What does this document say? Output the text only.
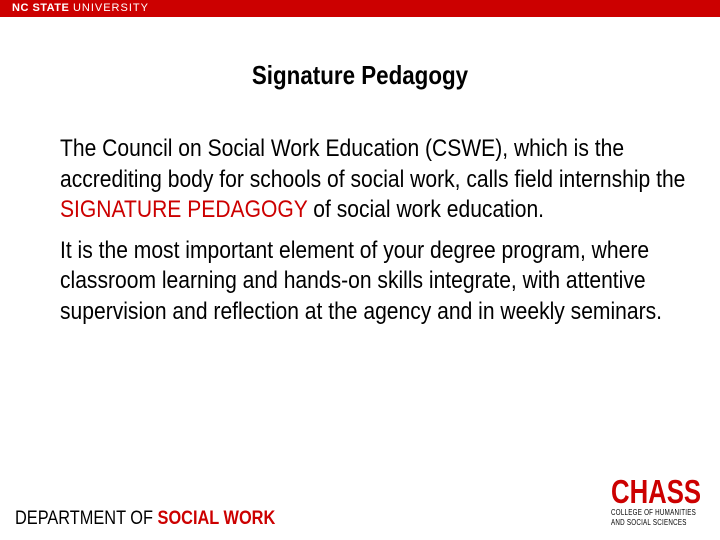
NC STATE UNIVERSITY
Signature Pedagogy

The Council on Social Work Education (CSWE), which is the accrediting body for schools of social work, calls field internship the SIGNATURE PEDAGOGY of social work education.

It is the most important element of your degree program, where classroom learning and hands-on skills integrate, with attentive supervision and reflection at the agency and in weekly seminars.

DEPARTMENT OF SOCIAL WORK
CHASS
COLLEGE OF HUMANITIES
AND SOCIAL SCIENCES
